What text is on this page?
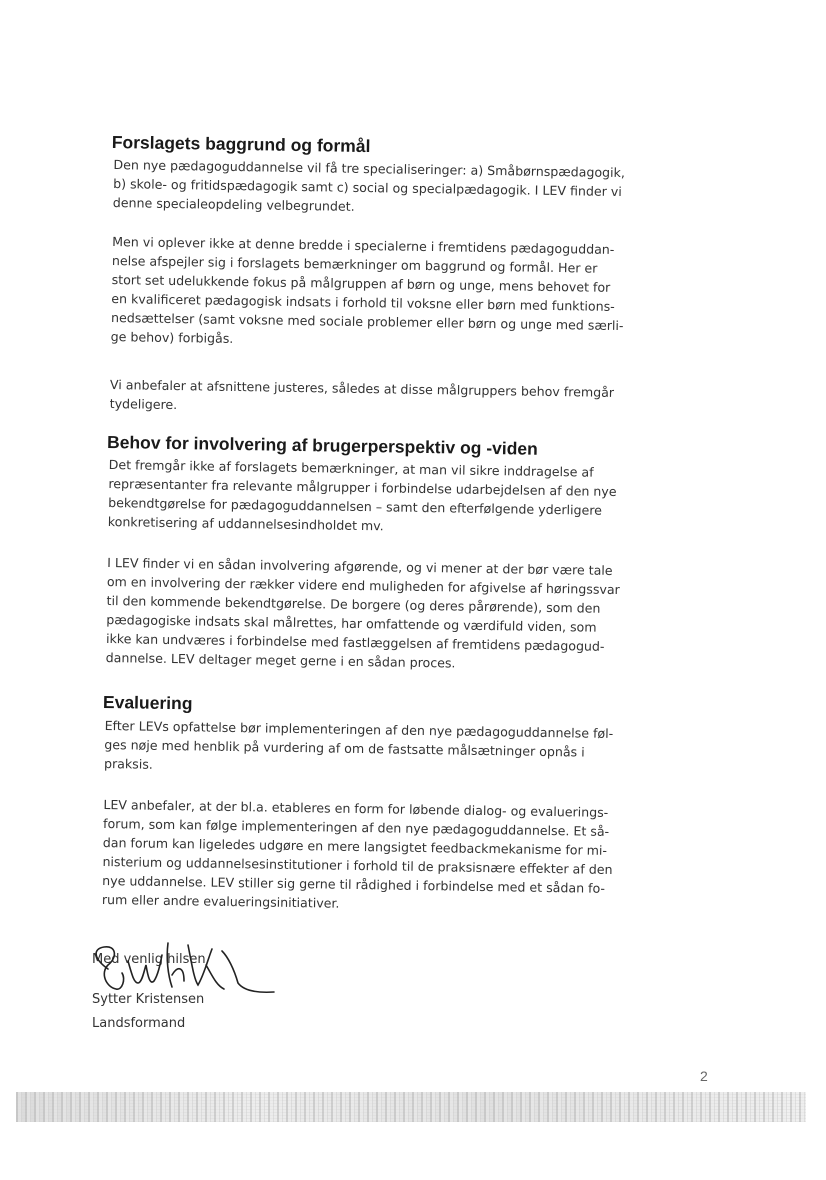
Forslagets baggrund og formål
Den nye pædagoguddannelse vil få tre specialiseringer: a) Småbørnspædagogik,
b) skole- og fritidspædagogik samt c) social og specialpædagogik. I LEV finder vi
denne specialeopdeling velbegrundet.
Men vi oplever ikke at denne bredde i specialerne i fremtidens pædagoguddan-
nelse afspejler sig i forslagets bemærkninger om baggrund og formål. Her er
stort set udelukkende fokus på målgruppen af børn og unge, mens behovet for
en kvalificeret pædagogisk indsats i forhold til voksne eller børn med funktions-
nedsættelser (samt voksne med sociale problemer eller børn og unge med særli-
ge behov) forbigås.
Vi anbefaler at afsnittene justeres, således at disse målgruppers behov fremgår
tydeligere.
Behov for involvering af brugerperspektiv og -viden
Det fremgår ikke af forslagets bemærkninger, at man vil sikre inddragelse af
repræsentanter fra relevante målgrupper i forbindelse udarbejdelsen af den nye
bekendtgørelse for pædagoguddannelsen – samt den efterfølgende yderligere
konkretisering af uddannelsesindholdet mv.
I LEV finder vi en sådan involvering afgørende, og vi mener at der bør være tale
om en involvering der rækker videre end muligheden for afgivelse af høringssvar
til den kommende bekendtgørelse. De borgere (og deres pårørende), som den
pædagogiske indsats skal målrettes, har omfattende og værdifuld viden, som
ikke kan undværes i forbindelse med fastlæggelsen af fremtidens pædagogud-
dannelse. LEV deltager meget gerne i en sådan proces.
Evaluering
Efter LEVs opfattelse bør implementeringen af den nye pædagoguddannelse føl-
ges nøje med henblik på vurdering af om de fastsatte målsætninger opnås i
praksis.
LEV anbefaler, at der bl.a. etableres en form for løbende dialog- og evaluerings-
forum, som kan følge implementeringen af den nye pædagoguddannelse. Et så-
dan forum kan ligeledes udgøre en mere langsigtet feedbackmekanisme for mi-
nisterium og uddannelsesinstitutioner i forhold til de praksisnære effekter af den
nye uddannelse. LEV stiller sig gerne til rådighed i forbindelse med et sådan fo-
rum eller andre evalueringsinitiativer.
Med venlig hilsen
Sytter Kristensen
Landsformand
2
